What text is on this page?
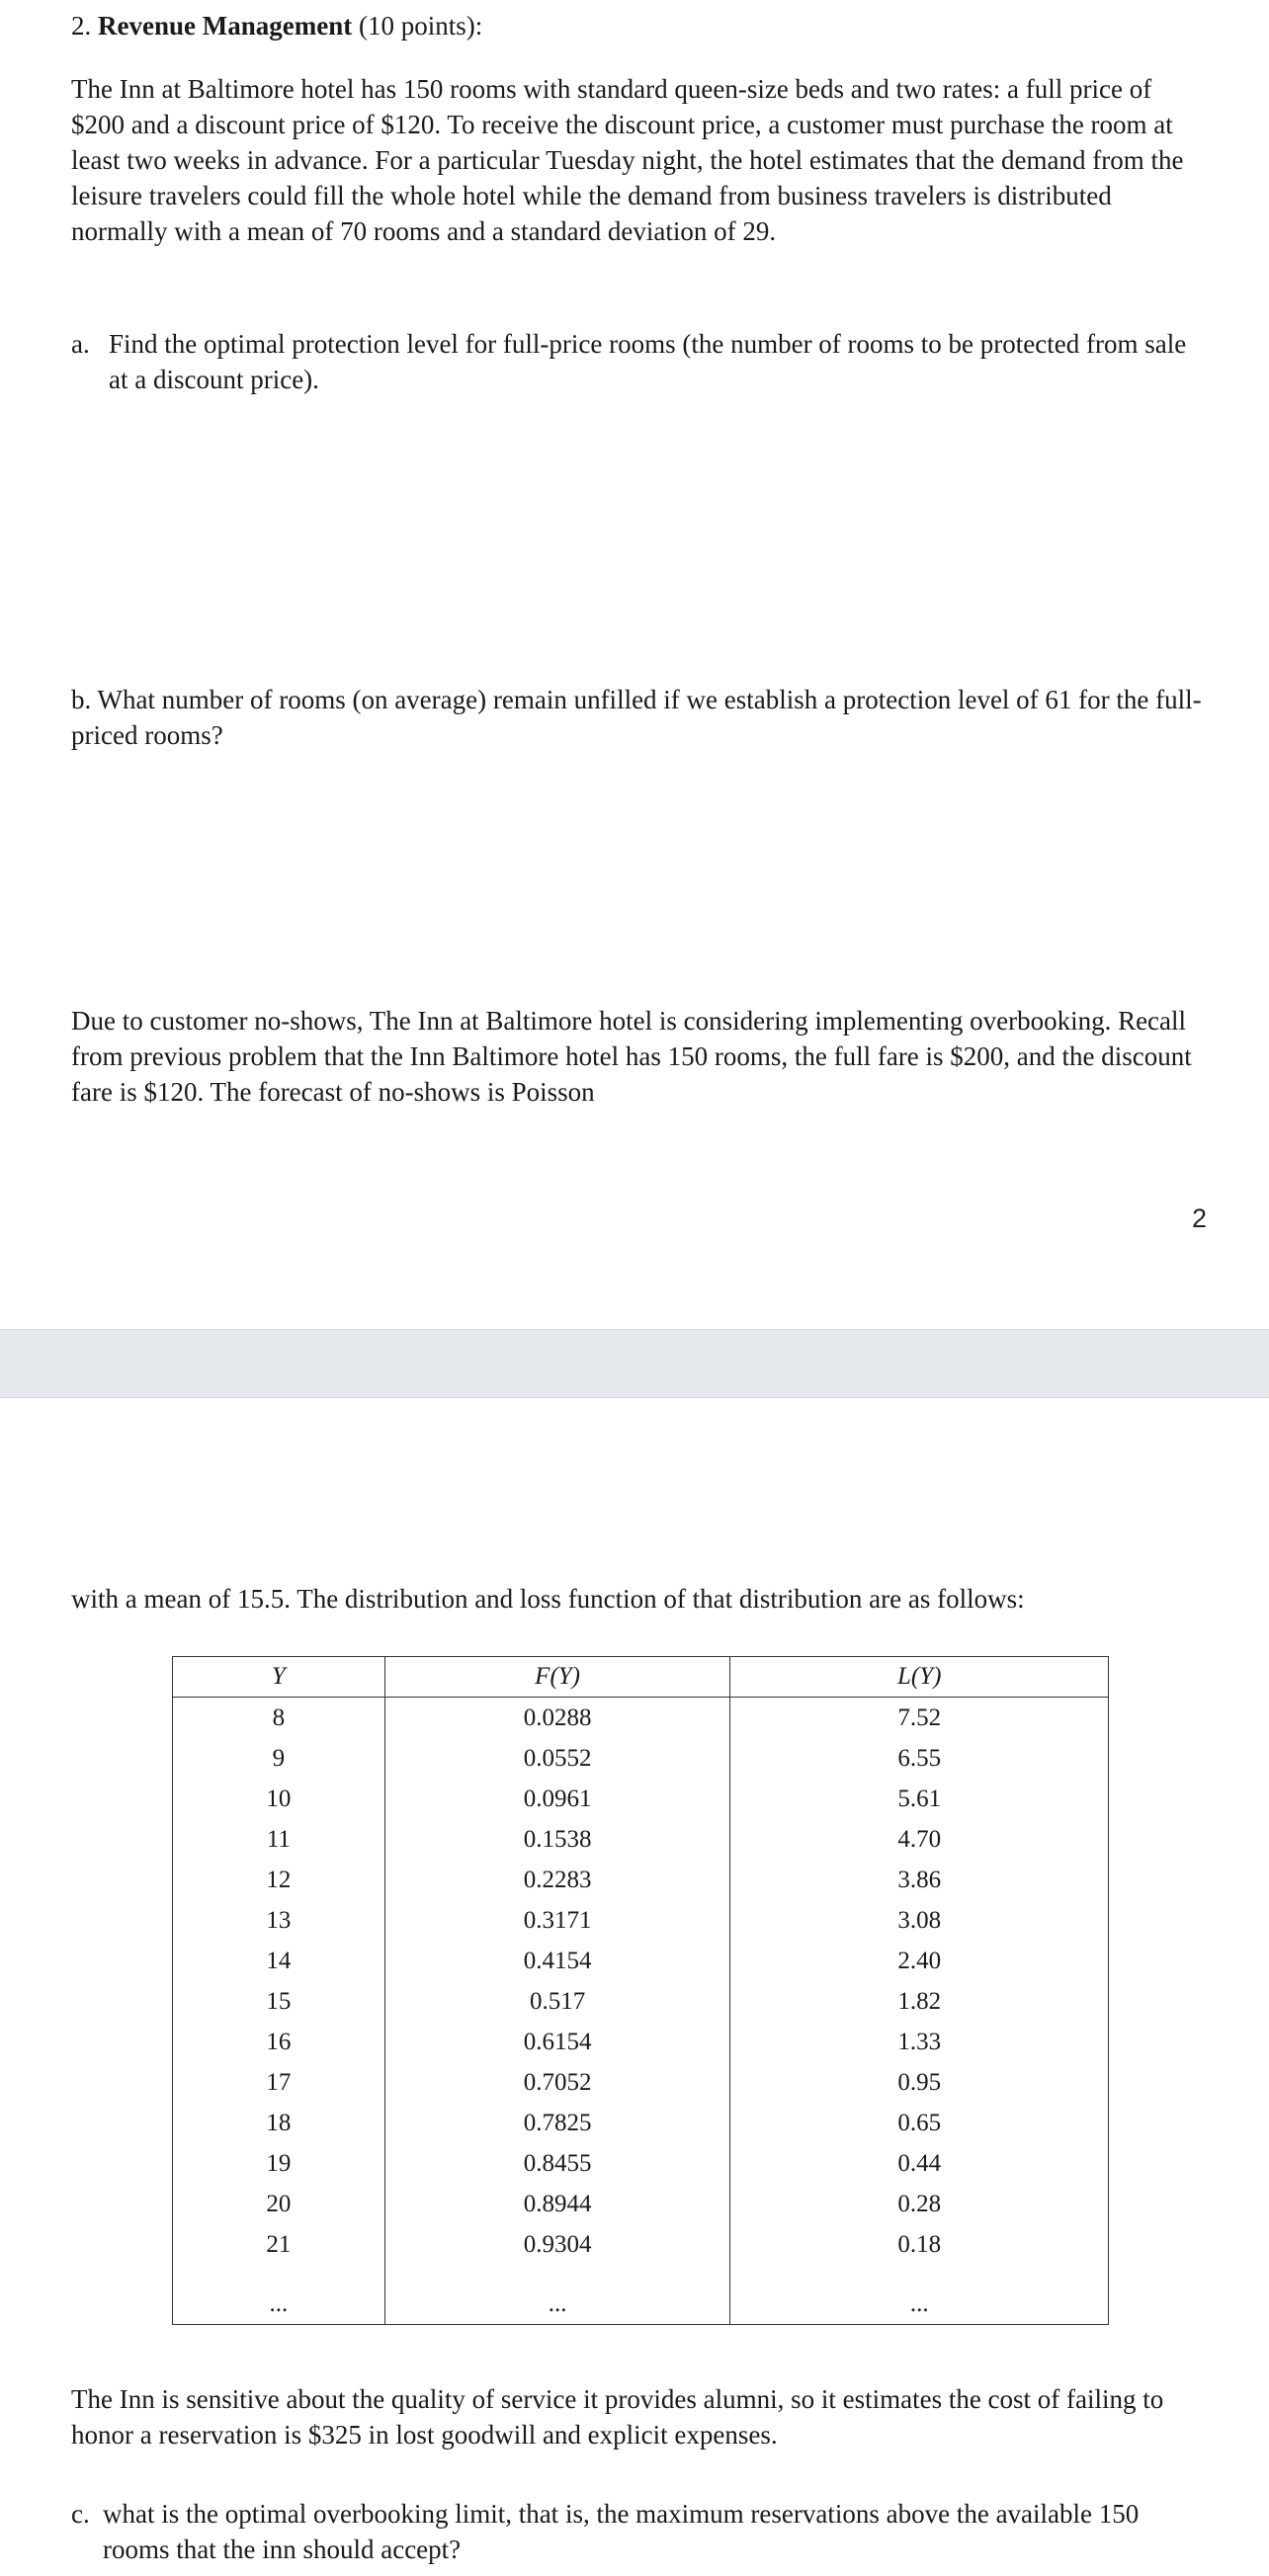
2. Revenue Management (10 points):

The Inn at Baltimore hotel has 150 rooms with standard queen-size beds and two rates: a full price of $200 and a discount price of $120. To receive the discount price, a customer must purchase the room at least two weeks in advance. For a particular Tuesday night, the hotel estimates that the demand from the leisure travelers could fill the whole hotel while the demand from business travelers is distributed normally with a mean of 70 rooms and a standard deviation of 29.

a. Find the optimal protection level for full-price rooms (the number of rooms to be protected from sale at a discount price).

b. What number of rooms (on average) remain unfilled if we establish a protection level of 61 for the full-priced rooms?

Due to customer no-shows, The Inn at Baltimore hotel is considering implementing overbooking. Recall from previous problem that the Inn Baltimore hotel has 150 rooms, the full fare is $200, and the discount fare is $120. The forecast of no-shows is Poisson

2

with a mean of 15.5. The distribution and loss function of that distribution are as follows:

Y	F(Y)	L(Y)
8	0.0288	7.52
9	0.0552	6.55
10	0.0961	5.61
11	0.1538	4.70
12	0.2283	3.86
13	0.3171	3.08
14	0.4154	2.40
15	0.517	1.82
16	0.6154	1.33
17	0.7052	0.95
18	0.7825	0.65
19	0.8455	0.44
20	0.8944	0.28
21	0.9304	0.18
...	...	...

The Inn is sensitive about the quality of service it provides alumni, so it estimates the cost of failing to honor a reservation is $325 in lost goodwill and explicit expenses.

c. what is the optimal overbooking limit, that is, the maximum reservations above the available 150 rooms that the inn should accept?
